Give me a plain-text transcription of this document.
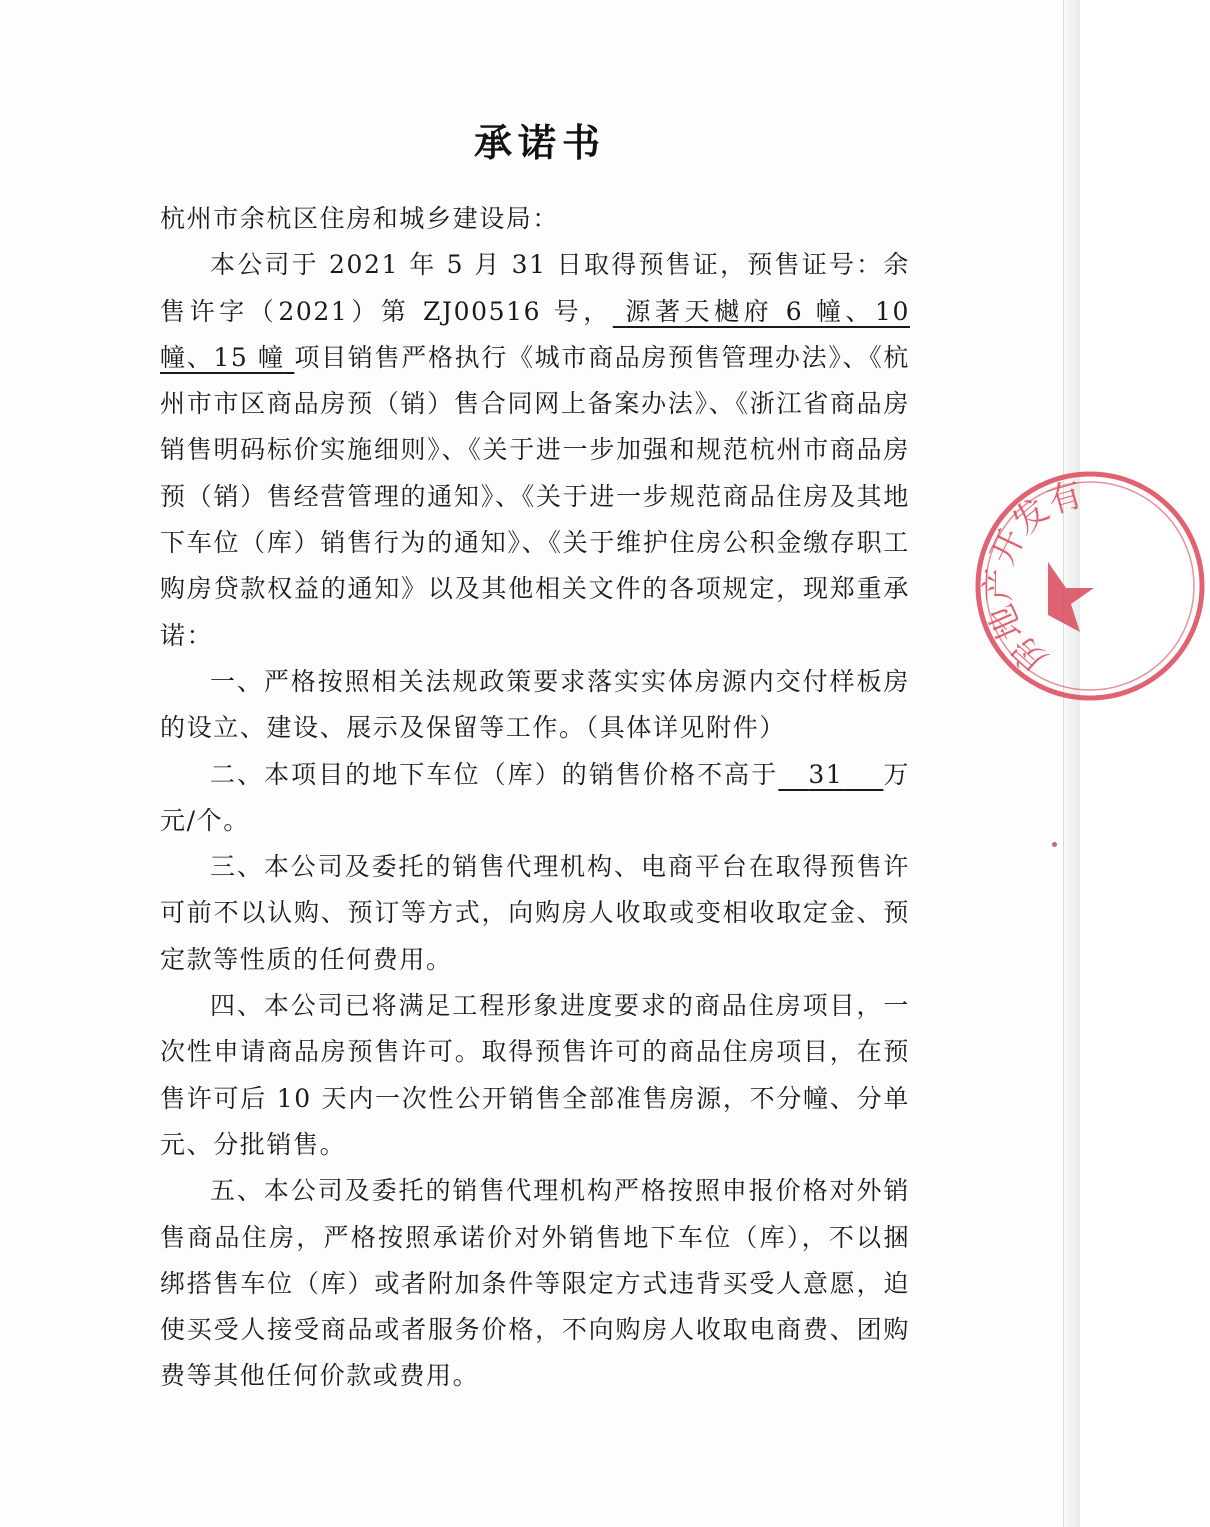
承诺书

杭州市余杭区住房和城乡建设局：

本公司于 2021 年 5 月 31 日取得预售证，预售证号：余售许字（2021）第 ZJ00516 号， 源著天樾府 6 幢、10 幢、15 幢 项目销售严格执行《城市商品房预售管理办法》、《杭州市市区商品房预（销）售合同网上备案办法》、《浙江省商品房销售明码标价实施细则》、《关于进一步加强和规范杭州市商品房预（销）售经营管理的通知》、《关于进一步规范商品住房及其地下车位（库）销售行为的通知》、《关于维护住房公积金缴存职工购房贷款权益的通知》以及其他相关文件的各项规定，现郑重承诺：

一、严格按照相关法规政策要求落实实体房源内交付样板房的设立、建设、展示及保留等工作。（具体详见附件）

二、本项目的地下车位（库）的销售价格不高于 31 万元/个。

三、本公司及委托的销售代理机构、电商平台在取得预售许可前不以认购、预订等方式，向购房人收取或变相收取定金、预定款等性质的任何费用。

四、本公司已将满足工程形象进度要求的商品住房项目，一次性申请商品房预售许可。取得预售许可的商品住房项目，在预售许可后 10 天内一次性公开销售全部准售房源，不分幢、分单元、分批销售。

五、本公司及委托的销售代理机构严格按照申报价格对外销售商品住房，严格按照承诺价对外销售地下车位（库），不以捆绑搭售车位（库）或者附加条件等限定方式违背买受人意愿，迫使买受人接受商品或者服务价格，不向购房人收取电商费、团购费等其他任何价款或费用。

房地产开发有
